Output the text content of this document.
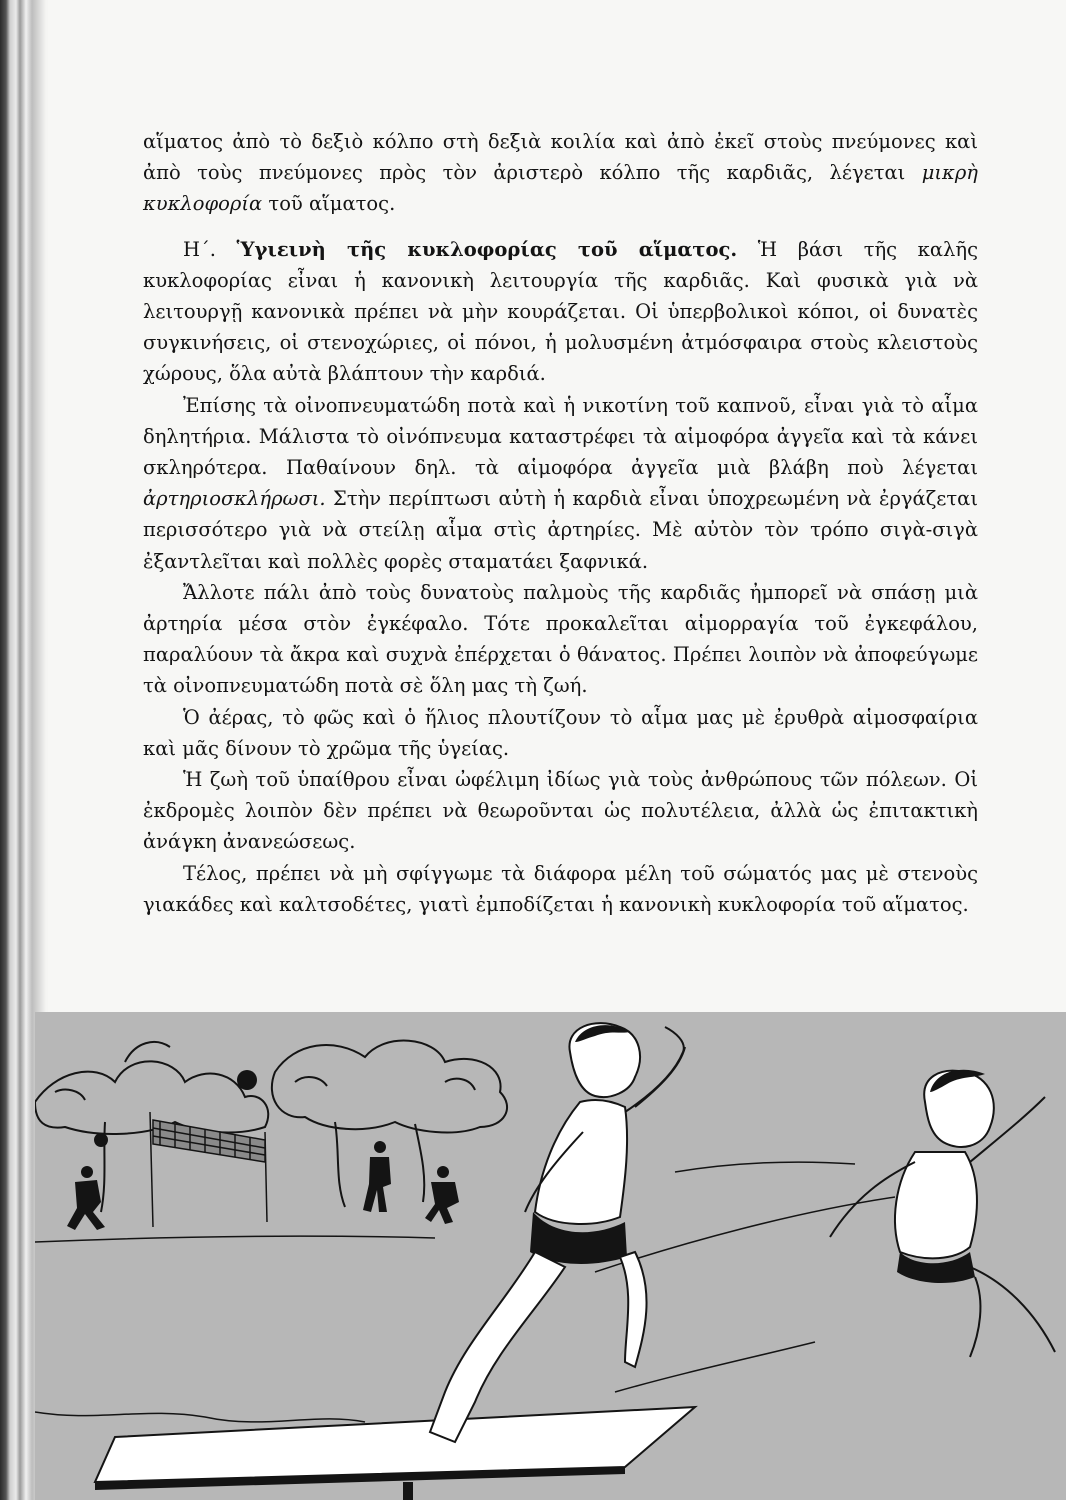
αἵματος ἀπὸ τὸ δεξιὸ κόλπο στὴ δεξιὰ κοιλία καὶ ἀπὸ ἐκεῖ στοὺς πνεύμονες καὶ ἀπὸ τοὺς πνεύμονες πρὸς τὸν ἀριστερὸ κόλπο τῆς καρδιᾶς, λέγεται μικρὴ κυκλοφορία τοῦ αἵματος.

Η΄. Ὑγιεινὴ τῆς κυκλοφορίας τοῦ αἵματος. Ἡ βάσι τῆς καλῆς κυκλοφορίας εἶναι ἡ κανονικὴ λειτουργία τῆς καρδιᾶς. Καὶ φυσικὰ γιὰ νὰ λειτουργῇ κανονικὰ πρέπει νὰ μὴν κουράζεται. Οἱ ὑπερβολικοὶ κόποι, οἱ δυνατὲς συγκινήσεις, οἱ στενοχώριες, οἱ πόνοι, ἡ μολυσμένη ἀτμόσφαιρα στοὺς κλειστοὺς χώρους, ὅλα αὐτὰ βλάπτουν τὴν καρδιά.

Ἐπίσης τὰ οἰνοπνευματώδη ποτὰ καὶ ἡ νικοτίνη τοῦ καπνοῦ, εἶναι γιὰ τὸ αἷμα δηλητήρια. Μάλιστα τὸ οἰνόπνευμα καταστρέφει τὰ αἱμοφόρα ἀγγεῖα καὶ τὰ κάνει σκληρότερα. Παθαίνουν δηλ. τὰ αἱμοφόρα ἀγγεῖα μιὰ βλάβη ποὺ λέγεται ἀρτηριοσκλήρωσι. Στὴν περίπτωσι αὐτὴ ἡ καρδιὰ εἶναι ὑποχρεωμένη νὰ ἐργάζεται περισσότερο γιὰ νὰ στείλῃ αἷμα στὶς ἀρτηρίες. Μὲ αὐτὸν τὸν τρόπο σιγὰ-σιγὰ ἐξαντλεῖται καὶ πολλὲς φορὲς σταματάει ξαφνικά.

Ἄλλοτε πάλι ἀπὸ τοὺς δυνατοὺς παλμοὺς τῆς καρδιᾶς ἠμπορεῖ νὰ σπάσῃ μιὰ ἀρτηρία μέσα στὸν ἐγκέφαλο. Τότε προκαλεῖται αἱμορραγία τοῦ ἐγκεφάλου, παραλύουν τὰ ἄκρα καὶ συχνὰ ἐπέρχεται ὁ θάνατος. Πρέπει λοιπὸν νὰ ἀποφεύγωμε τὰ οἰνοπνευματώδη ποτὰ σὲ ὅλη μας τὴ ζωή.

Ὁ ἀέρας, τὸ φῶς καὶ ὁ ἥλιος πλουτίζουν τὸ αἷμα μας μὲ ἐρυθρὰ αἱμοσφαίρια καὶ μᾶς δίνουν τὸ χρῶμα τῆς ὑγείας.

Ἡ ζωὴ τοῦ ὑπαίθρου εἶναι ὠφέλιμη ἰδίως γιὰ τοὺς ἀνθρώπους τῶν πόλεων. Οἱ ἐκδρομὲς λοιπὸν δὲν πρέπει νὰ θεωροῦνται ὡς πολυτέλεια, ἀλλὰ ὡς ἐπιτακτικὴ ἀνάγκη ἀνανεώσεως.

Τέλος, πρέπει νὰ μὴ σφίγγωμε τὰ διάφορα μέλη τοῦ σώματός μας μὲ στενοὺς γιακάδες καὶ καλτσοδέτες, γιατὶ ἐμποδίζεται ἡ κανονικὴ κυκλοφορία τοῦ αἵματος.
